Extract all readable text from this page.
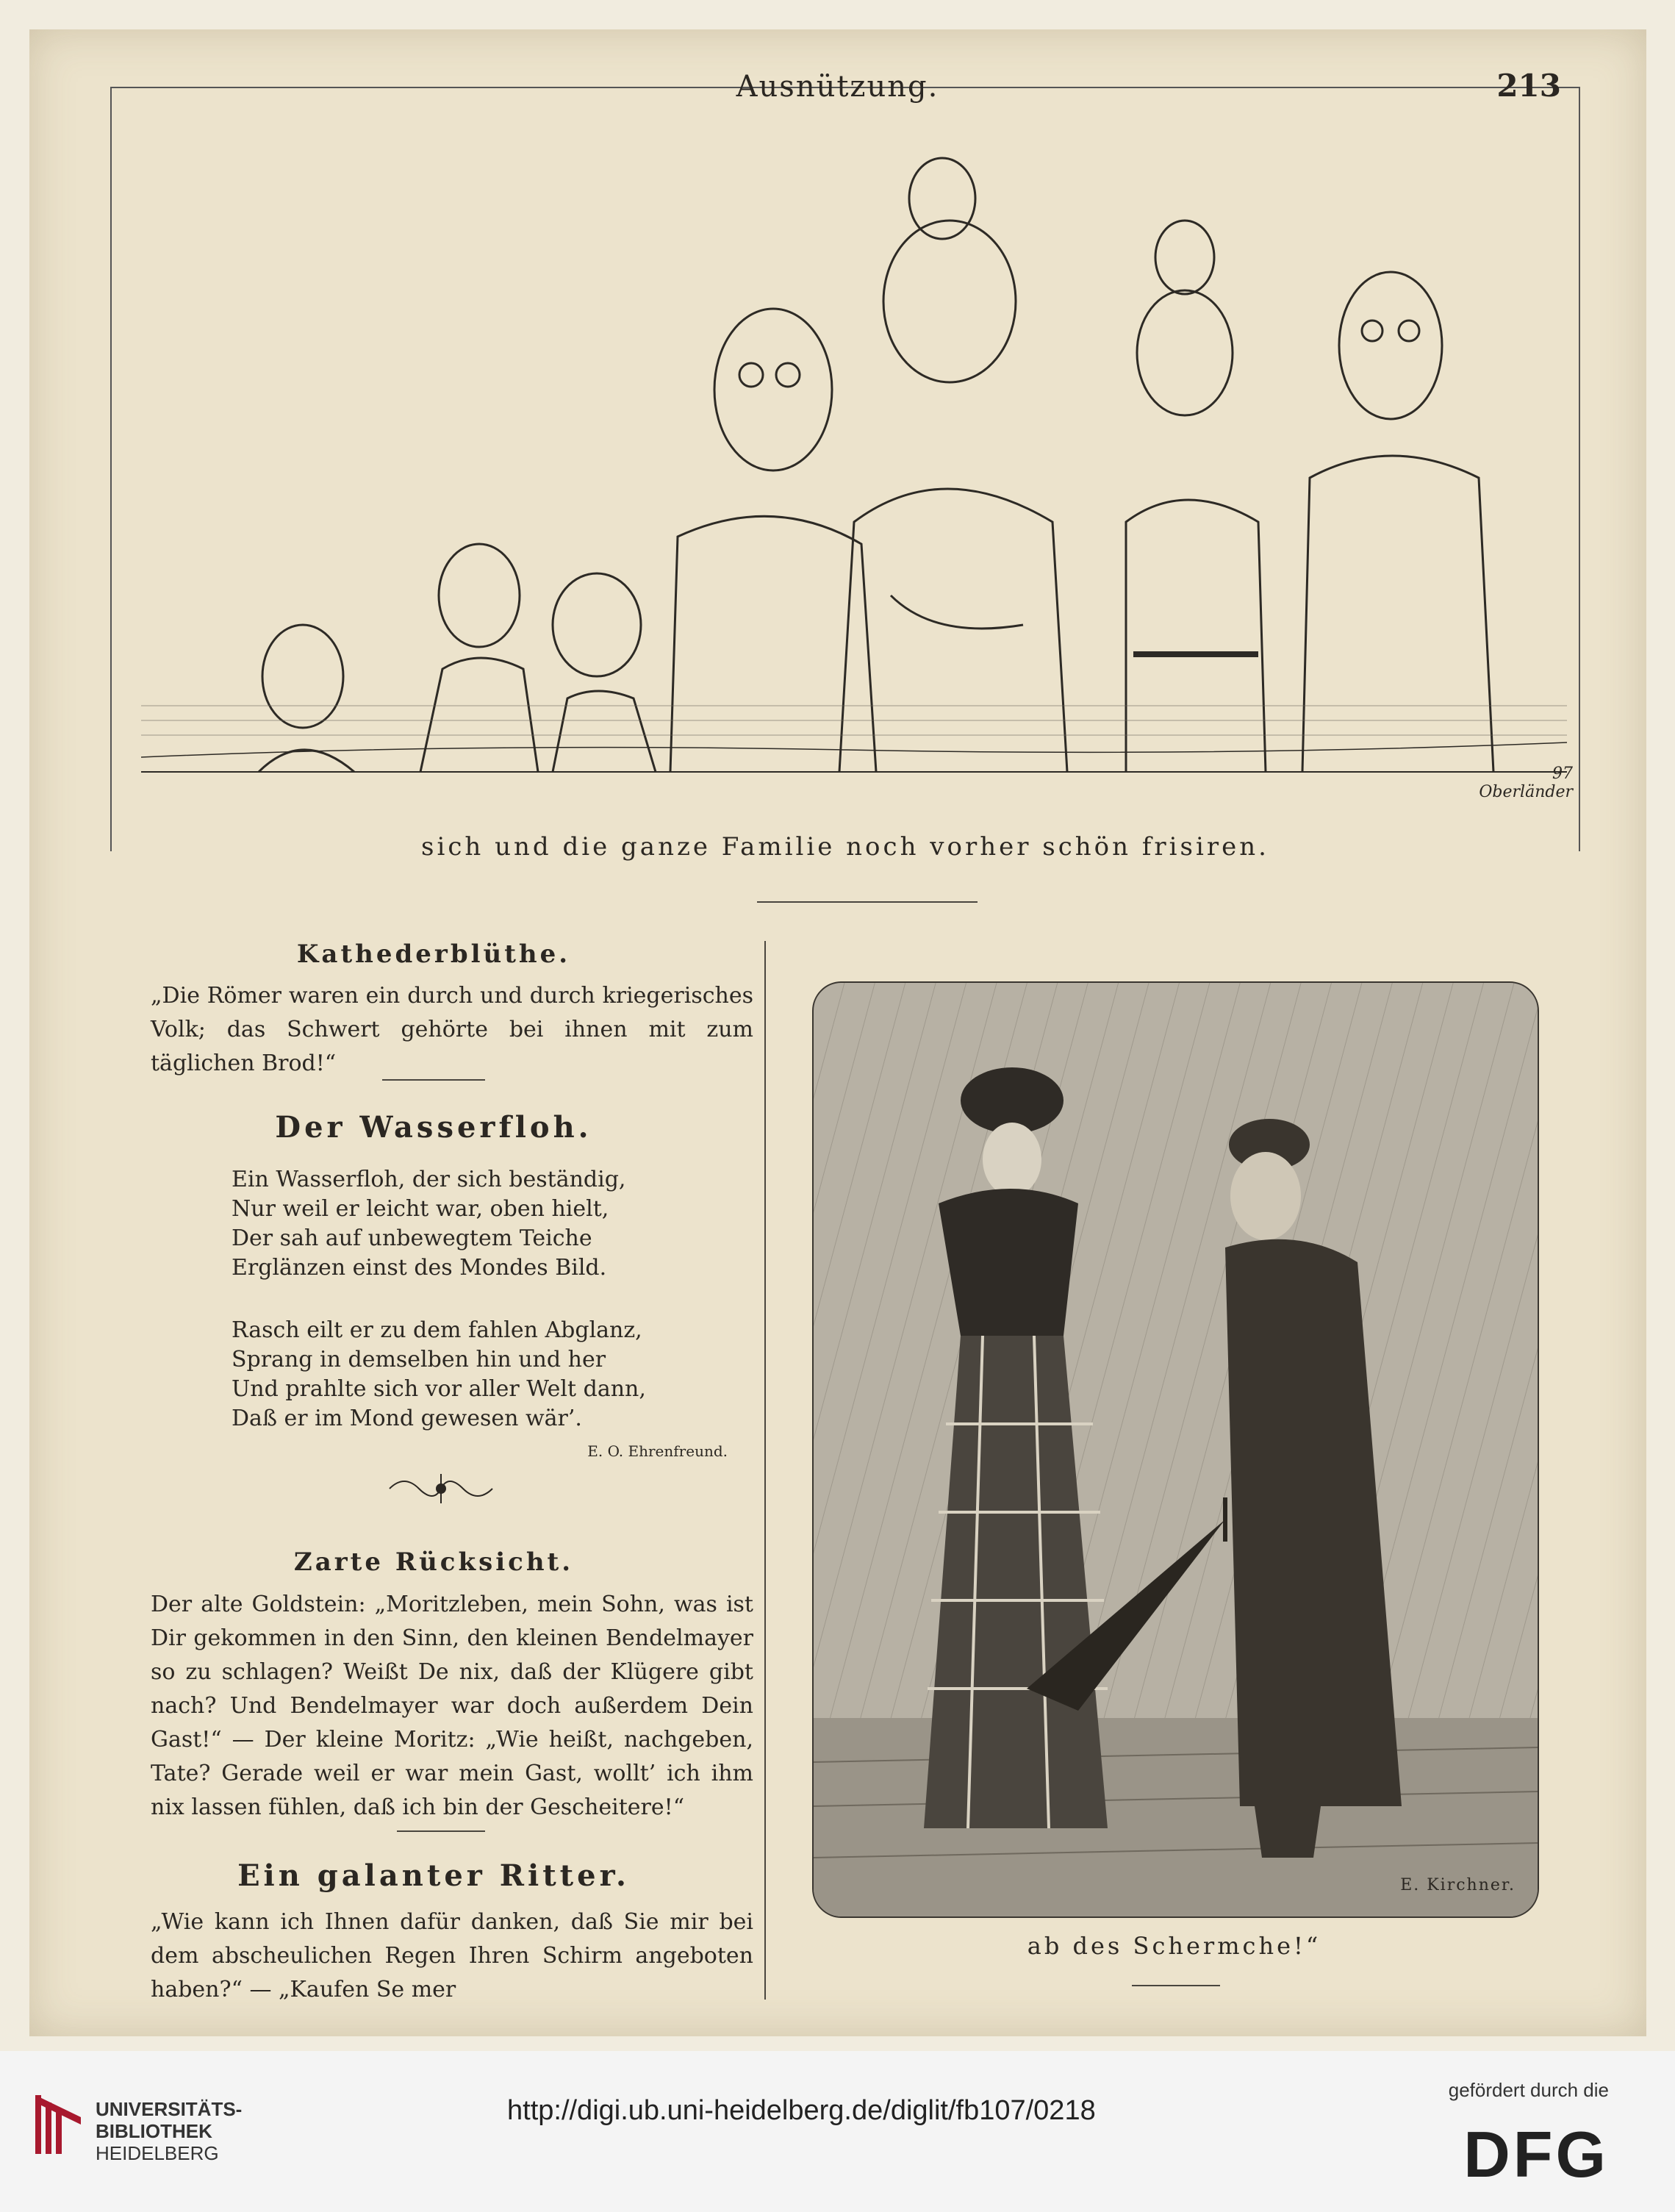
Ausnützung.	213
97 Oberländer
sich und die ganze Familie noch vorher schön frisiren.
Kathederblüthe.
„Die Römer waren ein durch und durch kriegerisches Volk; das Schwert gehörte bei ihnen mit zum täglichen Brod!“
Der Wasserfloh.
Ein Wasserfloh, der sich beständig,
Nur weil er leicht war, oben hielt,
Der sah auf unbewegtem Teiche
Erglänzen einst des Mondes Bild.
Rasch eilt er zu dem fahlen Abglanz,
Sprang in demselben hin und her
Und prahlte sich vor aller Welt dann,
Daß er im Mond gewesen wär’.
E. O. Ehrenfreund.
Zarte Rücksicht.
Der alte Goldstein: „Moritzleben, mein Sohn, was ist Dir gekommen in den Sinn, den kleinen Bendelmayer so zu schlagen? Weißt De nix, daß der Klügere gibt nach? Und Bendelmayer war doch außerdem Dein Gast!“ — Der kleine Moritz: „Wie heißt, nachgeben, Tate? Gerade weil er war mein Gast, wollt’ ich ihm nix lassen fühlen, daß ich bin der Gescheitere!“
Ein galanter Ritter.
„Wie kann ich Ihnen dafür danken, daß Sie mir bei dem abscheulichen Regen Ihren Schirm angeboten haben?“ — „Kaufen Se mer
E. Kirchner.
ab des Schermche!“
UNIVERSITÄTS-
BIBLIOTHEK
HEIDELBERG
http://digi.ub.uni-heidelberg.de/diglit/fb107/0218
gefördert durch die
DFG
